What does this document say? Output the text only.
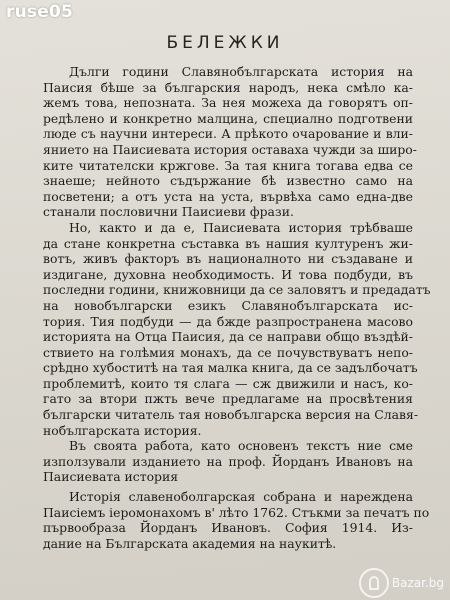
ruse05
БЕЛЕЖКИ
Дълги години Славянобългарската история на
Паисия бѣше за българския народъ, нека смѣло ка-
жемъ това, непозната. За нея можеха да говорятъ оп-
редѣлено и конкретно малцина, специално подготвени
люде съ научни интереси. А прѣкото очарование и вли-
янието на Паисиевата история оставаха чужди за широ-
ките читателски кржгове. За тая книга тогава едва се
знаеше; нейното съдържание бѣ известно само на
посветени; а отъ уста на уста, вървѣха само една-две
станали пословични Паисиеви фрази.
Но, както и да е, Паисиевата история трѣбваше
да стане конкретна съставка въ нашия културенъ жи-
вотъ, живъ факторъ въ националното ни създаване и
издигане, духовна необходимость. И това подбуди, въ
последни години, книжовници да се заловятъ и предадатъ
на новобългарски езикъ Славянобългарската ис-
тория. Тия подбуди — да бжде разпространена масово
историята на Отца Паисия, да се направи общо въздѣй-
ствието на голѣмия монахъ, да се почувствуватъ непо-
срѣдно хубоститѣ на тая малка книга, да се задълбочатъ
проблемитѣ, които тя слага — сж движили и насъ, ко-
гато за втори пжть вече предлагаме на просвѣтения
български читатель тая новобългарска версия на Славя-
нобългарската история.
Въ своята работа, като основенъ текстъ ние сме
използували изданието на проф. Йорданъ Ивановъ на
Паисиевата история
Исторія славеноболгарская собрана и нареждена
Паисіемъ іеромонахомъ в' лѣто 1762. Стъкми за печатъ по
първообраза Йорданъ Ивановъ. София 1914. Из-
дание на Българската академия на наукитѣ.
Bazar.bg
